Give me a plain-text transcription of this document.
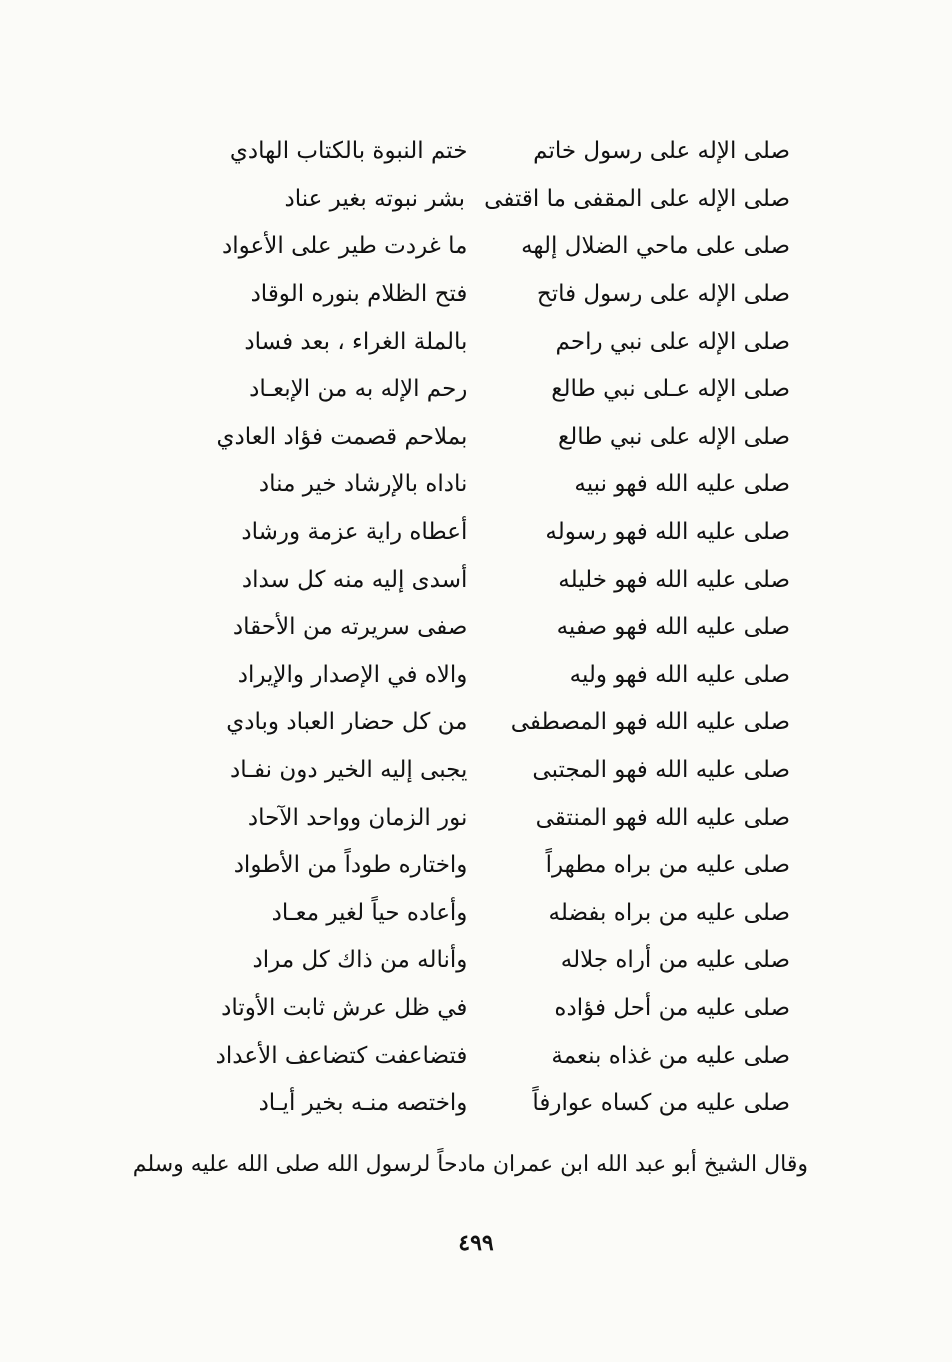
صلى الإله على رسول خاتم
ختم النبوة بالكتاب الهادي
صلى الإله على المقفى ما اقتفى
بشر نبوته بغير عناد
صلى على ماحي الضلال إلهه
ما غردت طير على الأعواد
صلى الإله على رسول فاتح
فتح الظلام بنوره الوقاد
صلى الإله على نبي راحم
بالملة الغراء ، بعد فساد
صلى الإله عـلى نبي طالع
رحم الإله به من الإبعـاد
صلى الإله على نبي طالع
بملاحم قصمت فؤاد العادي
صلى عليه الله فهو نبيه
ناداه بالإرشاد خير مناد
صلى عليه الله فهو رسوله
أعطاه راية عزمة ورشاد
صلى عليه الله فهو خليله
أسدى إليه منه كل سداد
صلى عليه الله فهو صفيه
صفى سريرته من الأحقاد
صلى عليه الله فهو وليه
والاه في الإصدار والإيراد
صلى عليه الله فهو المصطفى
من كل حضار العباد وبادي
صلى عليه الله فهو المجتبى
يجبى إليه الخير دون نفـاد
صلى عليه الله فهو المنتقى
نور الزمان وواحد الآحاد
صلى عليه من براه مطهراً
واختاره طوداً من الأطواد
صلى عليه من براه بفضله
وأعاده حياً لغير معـاد
صلى عليه من أراه جلاله
وأناله من ذاك كل مراد
صلى عليه من أحل فؤاده
في ظل عرش ثابت الأوتاد
صلى عليه من غذاه بنعمة
فتضاعفت كتضاعف الأعداد
صلى عليه من كساه عوارفاً
واختصه منـه بخير أيـاد
وقال الشيخ أبو عبد الله ابن عمران مادحاً لرسول الله صلى الله عليه وسلم
٤٩٩
